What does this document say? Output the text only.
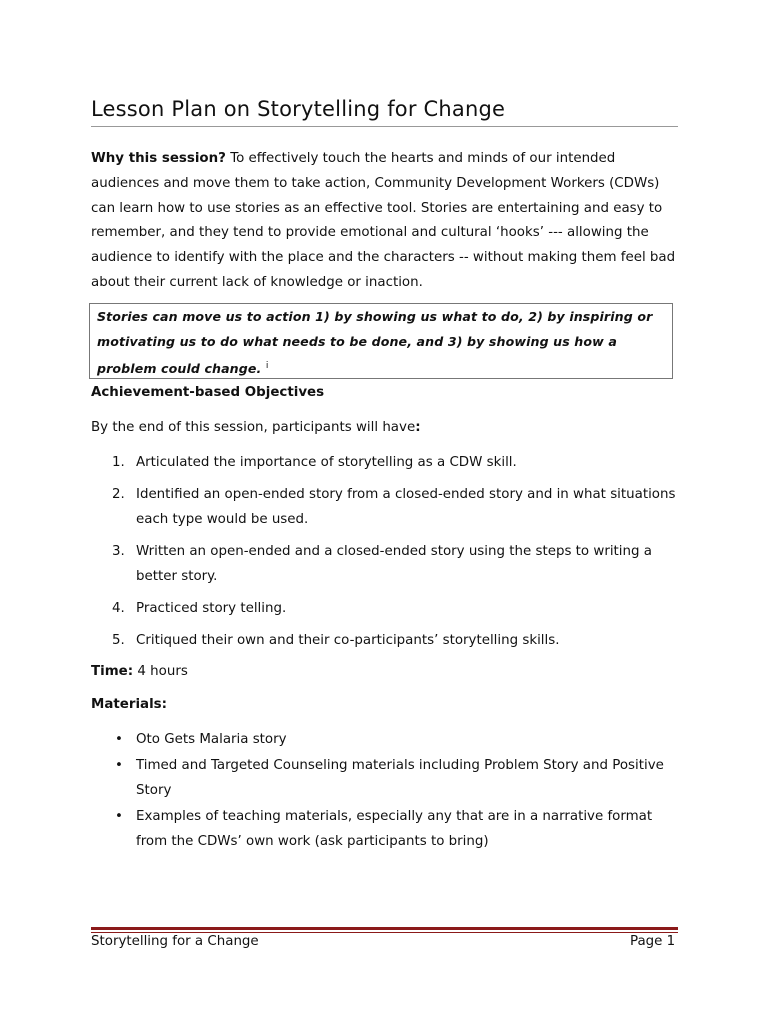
Lesson Plan on Storytelling for Change
Why this session? To effectively touch the hearts and minds of our intended audiences and move them to take action, Community Development Workers (CDWs) can learn how to use stories as an effective tool. Stories are entertaining and easy to remember, and they tend to provide emotional and cultural ‘hooks’ --- allowing the audience to identify with the place and the characters -- without making them feel bad about their current lack of knowledge or inaction.
Stories can move us to action 1) by showing us what to do, 2) by inspiring or motivating us to do what needs to be done, and 3) by showing us how a problem could change. $^i$
Achievement-based Objectives
By the end of this session, participants will have:
1. Articulated the importance of storytelling as a CDW skill.
2. Identified an open-ended story from a closed-ended story and in what situations each type would be used.
3. Written an open-ended and a closed-ended story using the steps to writing a better story.
4. Practiced story telling.
5. Critiqued their own and their co-participants’ storytelling skills.
Time: 4 hours
Materials:
• Oto Gets Malaria story
• Timed and Targeted Counseling materials including Problem Story and Positive Story
• Examples of teaching materials, especially any that are in a narrative format from the CDWs’ own work (ask participants to bring)
Storytelling for a Change	Page 1
